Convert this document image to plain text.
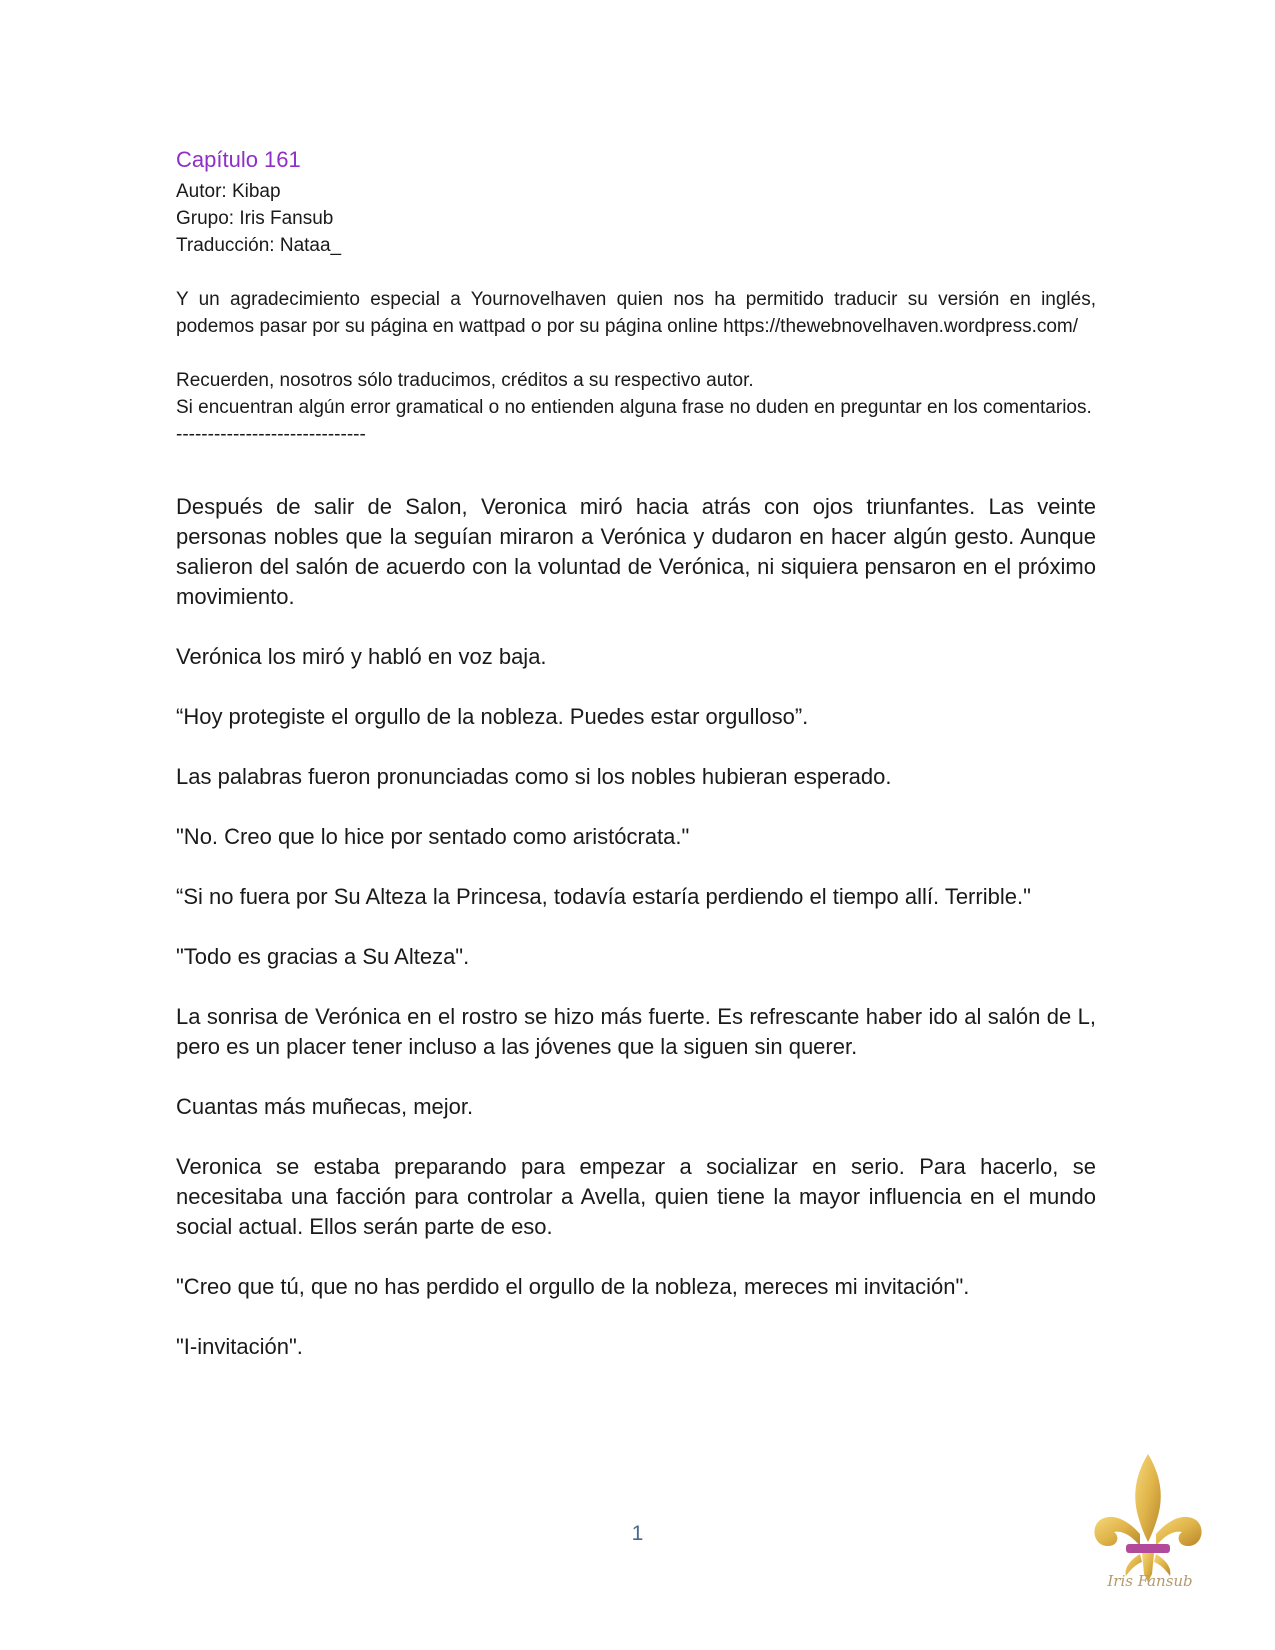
Capítulo 161

Autor: Kibap

Grupo: Iris Fansub

Traducción: Nataa_

Y un agradecimiento especial a Yournovelhaven quien nos ha permitido traducir su versión en inglés, podemos pasar por su página en wattpad o por su página online https://thewebnovelhaven.wordpress.com/

Recuerden, nosotros sólo traducimos, créditos a su respectivo autor.

Si encuentran algún error gramatical o no entienden alguna frase no duden en preguntar en los comentarios.

------------------------------

Después de salir de Salon, Veronica miró hacia atrás con ojos triunfantes. Las veinte personas nobles que la seguían miraron a Verónica y dudaron en hacer algún gesto. Aunque salieron del salón de acuerdo con la voluntad de Verónica, ni siquiera pensaron en el próximo movimiento.

Verónica los miró y habló en voz baja.

“Hoy protegiste el orgullo de la nobleza. Puedes estar orgulloso”.

Las palabras fueron pronunciadas como si los nobles hubieran esperado.

"No. Creo que lo hice por sentado como aristócrata."

“Si no fuera por Su Alteza la Princesa, todavía estaría perdiendo el tiempo allí. Terrible."

"Todo es gracias a Su Alteza".

La sonrisa de Verónica en el rostro se hizo más fuerte. Es refrescante haber ido al salón de L, pero es un placer tener incluso a las jóvenes que la siguen sin querer.

Cuantas más muñecas, mejor.

Veronica se estaba preparando para empezar a socializar en serio. Para hacerlo, se necesitaba una facción para controlar a Avella, quien tiene la mayor influencia en el mundo social actual. Ellos serán parte de eso.

"Creo que tú, que no has perdido el orgullo de la nobleza, mereces mi invitación".

"I-invitación".

1
Iris Fansub
